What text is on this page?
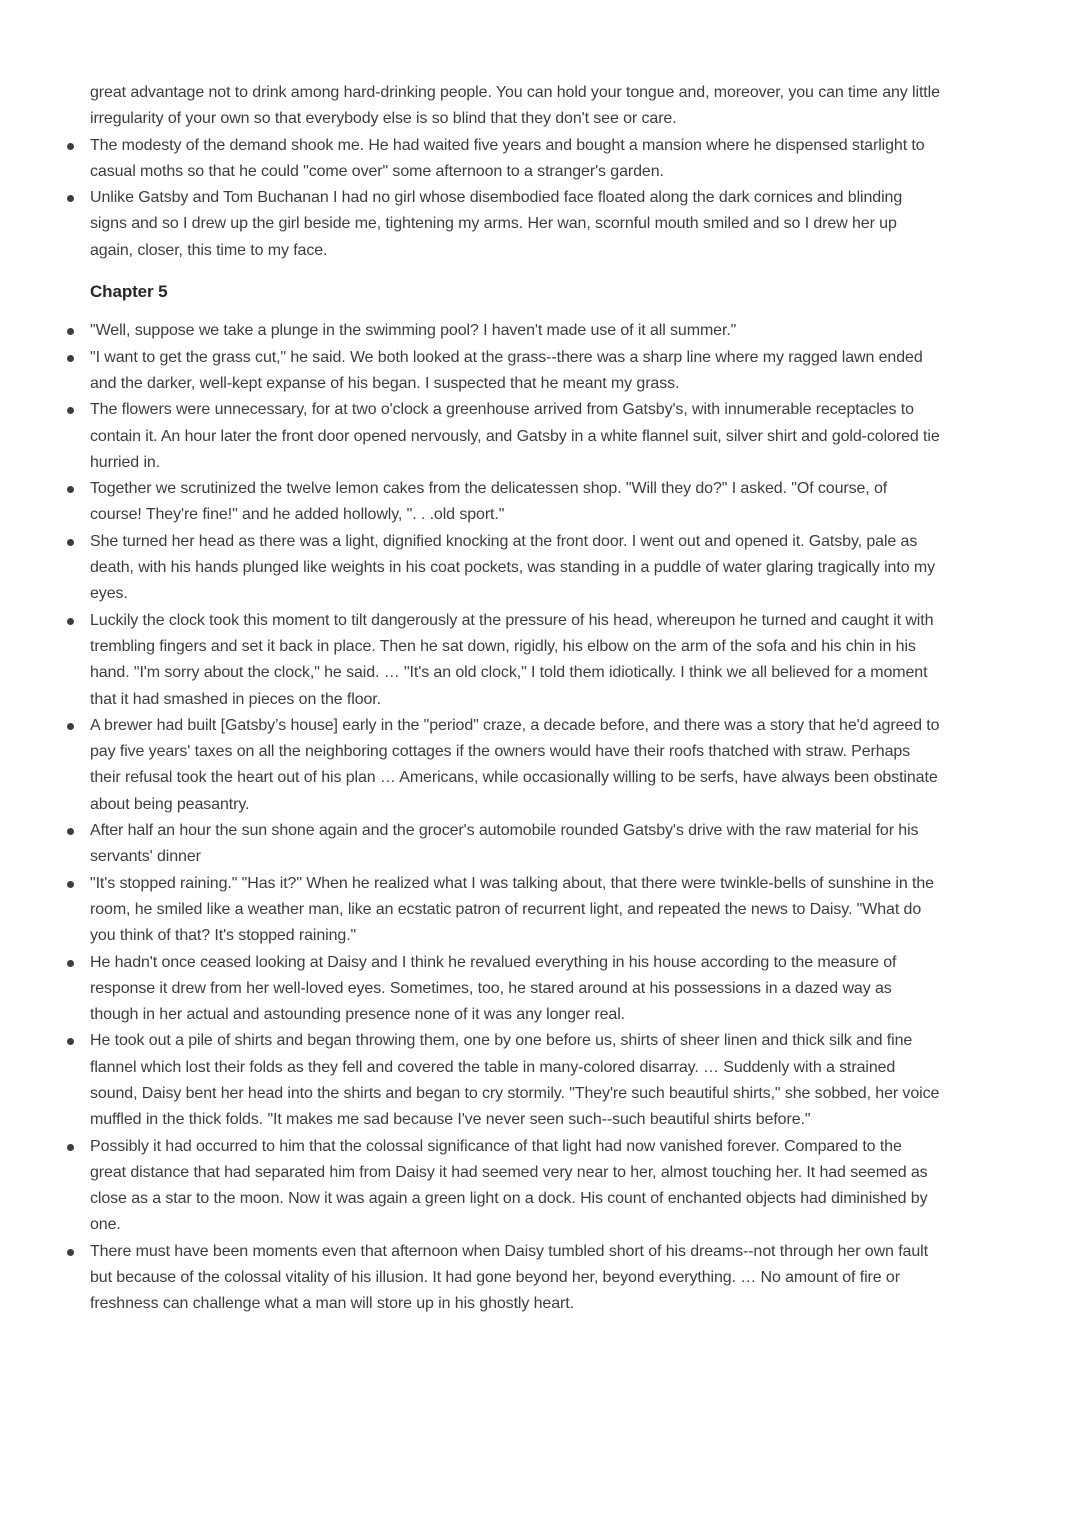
great advantage not to drink among hard-drinking people. You can hold your tongue and, moreover, you can time any little irregularity of your own so that everybody else is so blind that they don't see or care.

The modesty of the demand shook me. He had waited five years and bought a mansion where he dispensed starlight to casual moths so that he could "come over" some afternoon to a stranger's garden.
Unlike Gatsby and Tom Buchanan I had no girl whose disembodied face floated along the dark cornices and blinding signs and so I drew up the girl beside me, tightening my arms. Her wan, scornful mouth smiled and so I drew her up again, closer, this time to my face.
Chapter 5
"Well, suppose we take a plunge in the swimming pool? I haven't made use of it all summer."
"I want to get the grass cut," he said. We both looked at the grass--there was a sharp line where my ragged lawn ended and the darker, well-kept expanse of his began. I suspected that he meant my grass.
The flowers were unnecessary, for at two o'clock a greenhouse arrived from Gatsby's, with innumerable receptacles to contain it. An hour later the front door opened nervously, and Gatsby in a white flannel suit, silver shirt and gold-colored tie hurried in.
Together we scrutinized the twelve lemon cakes from the delicatessen shop. "Will they do?" I asked. "Of course, of course! They're fine!" and he added hollowly, ". . .old sport."
She turned her head as there was a light, dignified knocking at the front door. I went out and opened it. Gatsby, pale as death, with his hands plunged like weights in his coat pockets, was standing in a puddle of water glaring tragically into my eyes.
Luckily the clock took this moment to tilt dangerously at the pressure of his head, whereupon he turned and caught it with trembling fingers and set it back in place. Then he sat down, rigidly, his elbow on the arm of the sofa and his chin in his hand. "I'm sorry about the clock," he said. … "It's an old clock," I told them idiotically. I think we all believed for a moment that it had smashed in pieces on the floor.
A brewer had built [Gatsby’s house] early in the "period" craze, a decade before, and there was a story that he'd agreed to pay five years' taxes on all the neighboring cottages if the owners would have their roofs thatched with straw. Perhaps their refusal took the heart out of his plan … Americans, while occasionally willing to be serfs, have always been obstinate about being peasantry.
After half an hour the sun shone again and the grocer's automobile rounded Gatsby's drive with the raw material for his servants' dinner
"It's stopped raining." "Has it?" When he realized what I was talking about, that there were twinkle-bells of sunshine in the room, he smiled like a weather man, like an ecstatic patron of recurrent light, and repeated the news to Daisy. "What do you think of that? It's stopped raining."
He hadn't once ceased looking at Daisy and I think he revalued everything in his house according to the measure of response it drew from her well-loved eyes. Sometimes, too, he stared around at his possessions in a dazed way as though in her actual and astounding presence none of it was any longer real.
He took out a pile of shirts and began throwing them, one by one before us, shirts of sheer linen and thick silk and fine flannel which lost their folds as they fell and covered the table in many-colored disarray. … Suddenly with a strained sound, Daisy bent her head into the shirts and began to cry stormily. "They're such beautiful shirts," she sobbed, her voice muffled in the thick folds. "It makes me sad because I've never seen such--such beautiful shirts before."
Possibly it had occurred to him that the colossal significance of that light had now vanished forever. Compared to the great distance that had separated him from Daisy it had seemed very near to her, almost touching her. It had seemed as close as a star to the moon. Now it was again a green light on a dock. His count of enchanted objects had diminished by one.
There must have been moments even that afternoon when Daisy tumbled short of his dreams--not through her own fault but because of the colossal vitality of his illusion. It had gone beyond her, beyond everything. … No amount of fire or freshness can challenge what a man will store up in his ghostly heart.
